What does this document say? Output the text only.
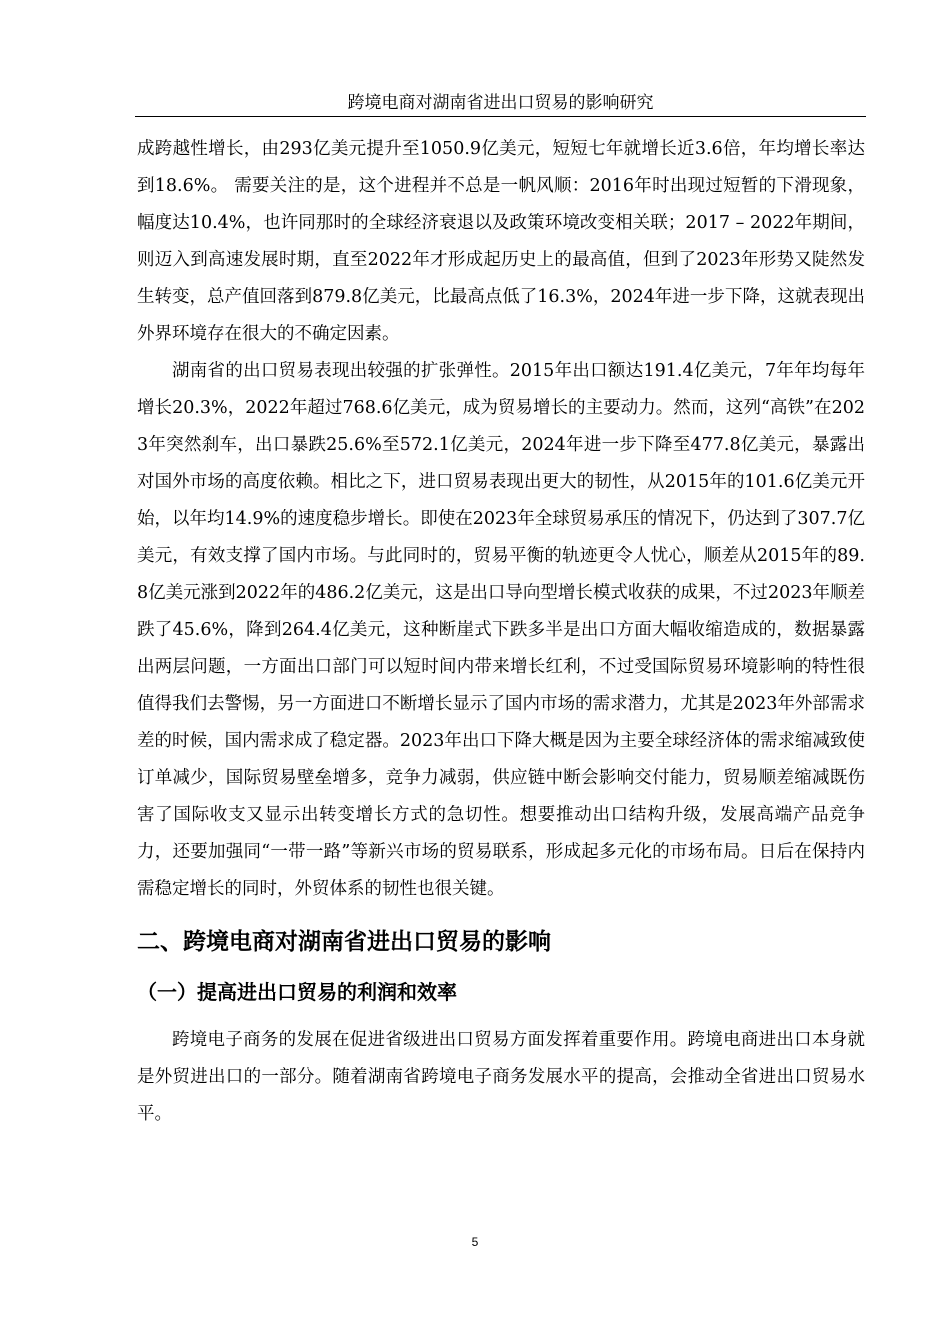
跨境电商对湖南省进出口贸易的影响研究

成跨越性增长，由293亿美元提升至1050.9亿美元，短短七年就增长近3.6倍，年均增长率达到18.6%。 需要关注的是，这个进程并不总是一帆风顺：2016年时出现过短暂的下滑现象，幅度达10.4%，也许同那时的全球经济衰退以及政策环境改变相关联；2017 – 2022年期间，则迈入到高速发展时期，直至2022年才形成起历史上的最高值，但到了2023年形势又陡然发生转变，总产值回落到879.8亿美元，比最高点低了16.3%，2024年进一步下降，这就表现出外界环境存在很大的不确定因素。

湖南省的出口贸易表现出较强的扩张弹性。2015年出口额达191.4亿美元，7年年均每年增长20.3%，2022年超过768.6亿美元，成为贸易增长的主要动力。然而，这列“高铁”在2023年突然刹车，出口暴跌25.6%至572.1亿美元，2024年进一步下降至477.8亿美元，暴露出对国外市场的高度依赖。相比之下，进口贸易表现出更大的韧性，从2015年的101.6亿美元开始，以年均14.9%的速度稳步增长。即使在2023年全球贸易承压的情况下，仍达到了307.7亿美元，有效支撑了国内市场。与此同时的，贸易平衡的轨迹更令人忧心，顺差从2015年的89.8亿美元涨到2022年的486.2亿美元，这是出口导向型增长模式收获的成果，不过2023年顺差跌了45.6%，降到264.4亿美元，这种断崖式下跌多半是出口方面大幅收缩造成的，数据暴露出两层问题，一方面出口部门可以短时间内带来增长红利，不过受国际贸易环境影响的特性很值得我们去警惕，另一方面进口不断增长显示了国内市场的需求潜力，尤其是2023年外部需求差的时候，国内需求成了稳定器。2023年出口下降大概是因为主要全球经济体的需求缩减致使订单减少，国际贸易壁垒增多，竞争力减弱，供应链中断会影响交付能力，贸易顺差缩减既伤害了国际收支又显示出转变增长方式的急切性。想要推动出口结构升级，发展高端产品竞争力，还要加强同“一带一路”等新兴市场的贸易联系，形成起多元化的市场布局。日后在保持内需稳定增长的同时，外贸体系的韧性也很关键。

二、跨境电商对湖南省进出口贸易的影响
（一）提高进出口贸易的利润和效率

跨境电子商务的发展在促进省级进出口贸易方面发挥着重要作用。跨境电商进出口本身就是外贸进出口的一部分。随着湖南省跨境电子商务发展水平的提高，会推动全省进出口贸易水平。

5
